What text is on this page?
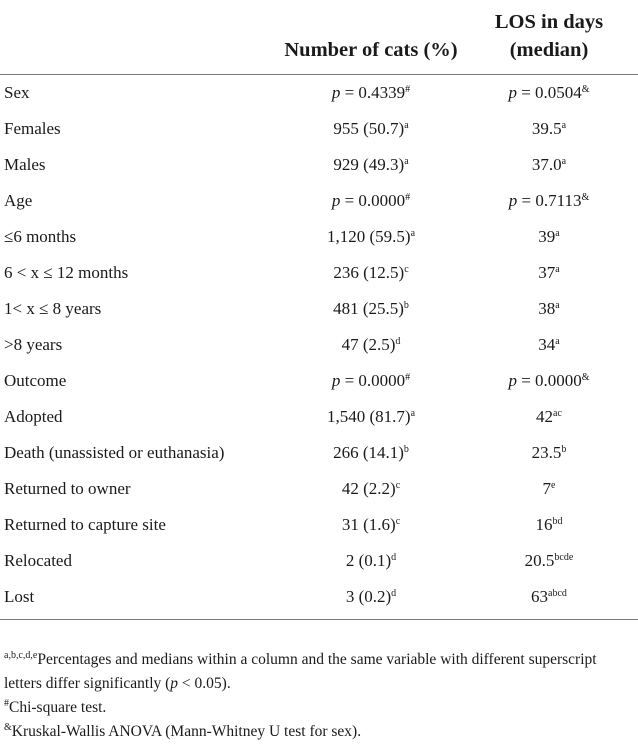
	Number of cats (%)	LOS in days (median)
Sex	p = 0.4339#	p = 0.0504&
Females	955 $(50.7)^a$	39.5$^a$
Males	929 $(49.3)^a$	37.0$^a$
Age	p = 0.0000#	p = 0.7113&
≤6 months	1,120 $(59.5)^a$	39$^a$
6 < x ≤ 12 months	236 $(12.5)^c$	37$^a$
1< x ≤ 8 years	481 $(25.5)^b$	$38^a$
>8 years	47 $(2.5)^d$	34$^a$
Outcome	p = 0.0000#	p = 0.0000&
Adopted	1,540 $(81.7)^a$	$42^{ac}$
Death (unassisted or euthanasia)	266 $(14.1)^b$	23.5$^b$
Returned to owner	42 $(2.2)^c$	7e
Returned to capture site	31 $(1.6)^c$	$16^{bd}$
Relocated	2 $(0.1)^d$	$20.5^{bcde}$
Lost	3 $(0.2)^d$	$63^{abcd}$

$^{a,b,c,d,e}$Percentages and medians within a column and the same variable with different superscript letters differ significantly (p < 0.05).

#Chi-square test.

&Kruskal-Wallis ANOVA (Mann-Whitney U test for sex).
